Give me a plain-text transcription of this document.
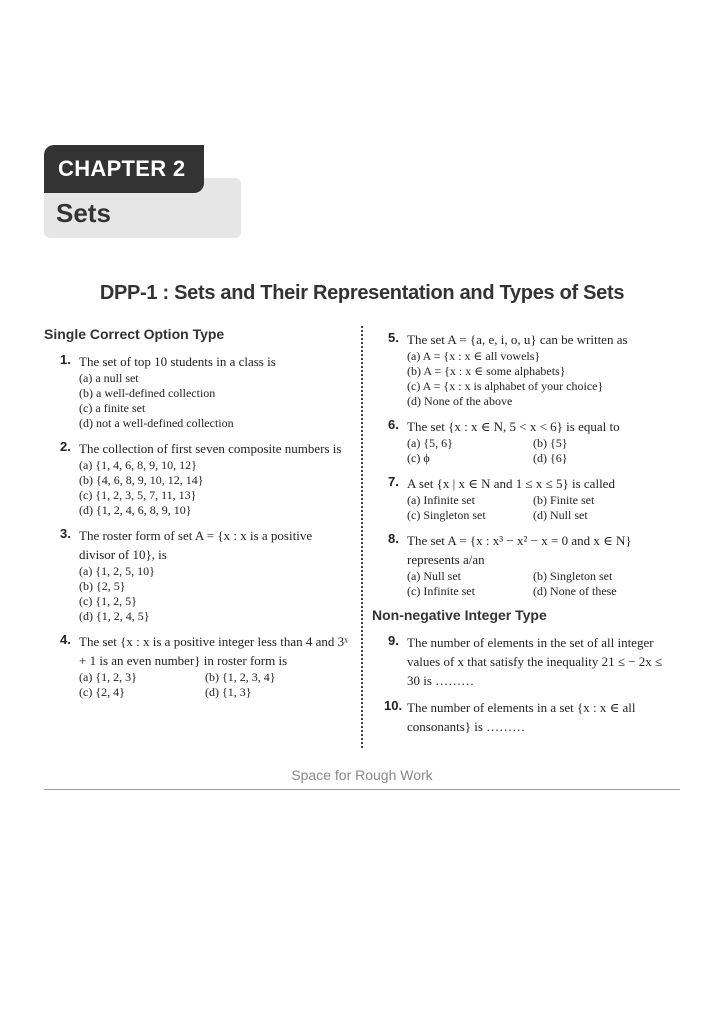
CHAPTER 2
Sets
DPP-1 : Sets and Their Representation and Types of Sets
Single Correct Option Type
1. The set of top 10 students in a class is
(a) a null set
(b) a well-defined collection
(c) a finite set
(d) not a well-defined collection
2. The collection of first seven composite numbers is
(a) {1, 4, 6, 8, 9, 10, 12}
(b) {4, 6, 8, 9, 10, 12, 14}
(c) {1, 2, 3, 5, 7, 11, 13}
(d) {1, 2, 4, 6, 8, 9, 10}
3. The roster form of set A = {x : x is a positive divisor of 10}, is
(a) {1, 2, 5, 10}
(b) {2, 5}
(c) {1, 2, 5}
(d) {1, 2, 4, 5}
4. The set {x : x is a positive integer less than 4 and 3ˣ + 1 is an even number} in roster form is
(a) {1, 2, 3}	(b) {1, 2, 3, 4}
(c) {2, 4}	(d) {1, 3}
5. The set A = {a, e, i, o, u} can be written as
(a) A = {x : x ∈ all vowels}
(b) A = {x : x ∈ some alphabets}
(c) A = {x : x is alphabet of your choice}
(d) None of the above
6. The set {x : x ∈ N, 5 < x < 6} is equal to
(a) {5, 6}	(b) {5}
(c) ϕ	(d) {6}
7. A set {x | x ∈ N and 1 ≤ x ≤ 5} is called
(a) Infinite set	(b) Finite set
(c) Singleton set	(d) Null set
8. The set A = {x : x³ − x² − x = 0 and x ∈ N} represents a/an
(a) Null set	(b) Singleton set
(c) Infinite set	(d) None of these
Non-negative Integer Type
9. The number of elements in the set of all integer values of x that satisfy the inequality 21 ≤ − 2x ≤ 30 is ………
10. The number of elements in a set {x : x ∈ all consonants} is ………
Space for Rough Work
